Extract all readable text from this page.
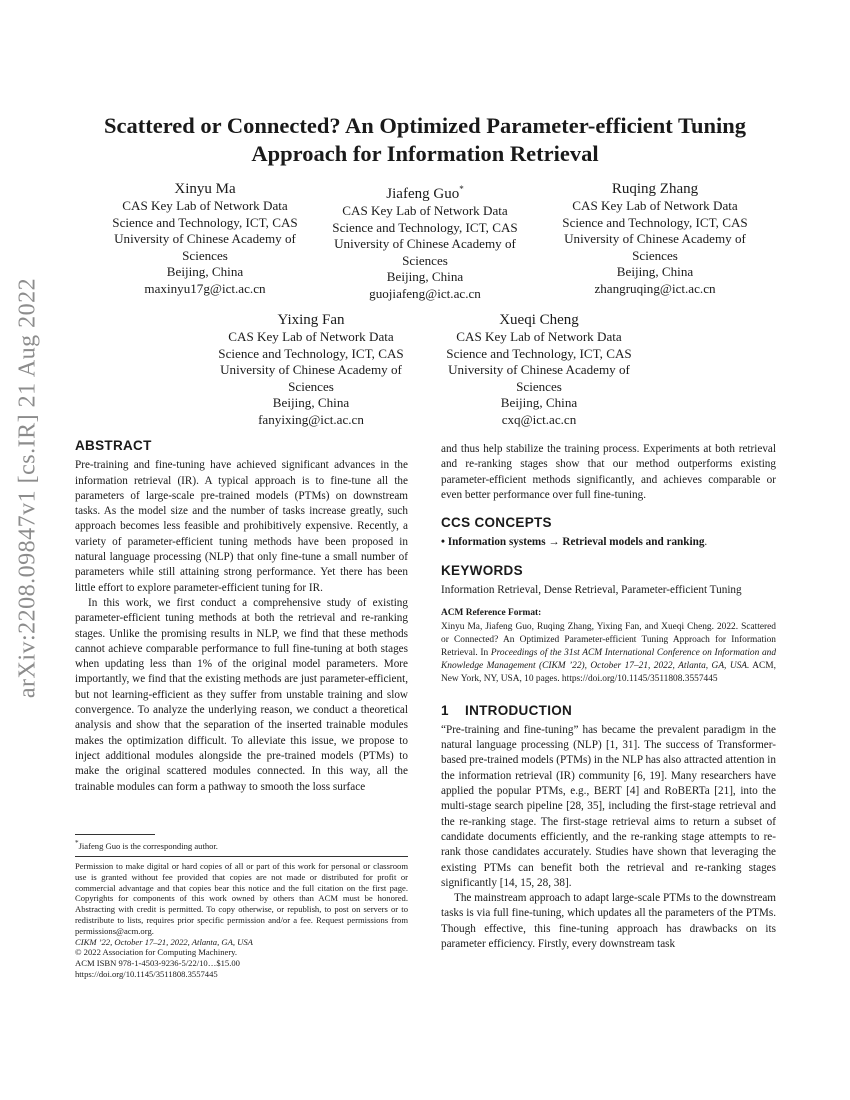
arXiv:2208.09847v1 [cs.IR] 21 Aug 2022
Scattered or Connected? An Optimized Parameter-efficient Tuning Approach for Information Retrieval
Xinyu Ma
CAS Key Lab of Network Data
Science and Technology, ICT, CAS
University of Chinese Academy of
Sciences
Beijing, China
maxinyu17g@ict.ac.cn
Jiafeng Guo*
CAS Key Lab of Network Data
Science and Technology, ICT, CAS
University of Chinese Academy of
Sciences
Beijing, China
guojiafeng@ict.ac.cn
Ruqing Zhang
CAS Key Lab of Network Data
Science and Technology, ICT, CAS
University of Chinese Academy of
Sciences
Beijing, China
zhangruqing@ict.ac.cn
Yixing Fan
CAS Key Lab of Network Data
Science and Technology, ICT, CAS
University of Chinese Academy of
Sciences
Beijing, China
fanyixing@ict.ac.cn
Xueqi Cheng
CAS Key Lab of Network Data
Science and Technology, ICT, CAS
University of Chinese Academy of
Sciences
Beijing, China
cxq@ict.ac.cn
ABSTRACT

Pre-training and fine-tuning have achieved significant advances in the information retrieval (IR). A typical approach is to fine-tune all the parameters of large-scale pre-trained models (PTMs) on downstream tasks. As the model size and the number of tasks increase greatly, such approach becomes less feasible and prohibitively expensive. Recently, a variety of parameter-efficient tuning methods have been proposed in natural language processing (NLP) that only fine-tune a small number of parameters while still attaining strong performance. Yet there has been little effort to explore parameter-efficient tuning for IR.

In this work, we first conduct a comprehensive study of existing parameter-efficient tuning methods at both the retrieval and re-ranking stages. Unlike the promising results in NLP, we find that these methods cannot achieve comparable performance to full fine-tuning at both stages when updating less than 1% of the original model parameters. More importantly, we find that the existing methods are just parameter-efficient, but not learning-efficient as they suffer from unstable training and slow convergence. To analyze the underlying reason, we conduct a theoretical analysis and show that the separation of the inserted trainable modules makes the optimization difficult. To alleviate this issue, we propose to inject additional modules alongside the pre-trained models (PTMs) to make the original scattered modules connected. In this way, all the trainable modules can form a pathway to smooth the loss surface

*Jiafeng Guo is the corresponding author.
Permission to make digital or hard copies of all or part of this work for personal or classroom use is granted without fee provided that copies are not made or distributed for profit or commercial advantage and that copies bear this notice and the full citation on the first page. Copyrights for components of this work owned by others than ACM must be honored. Abstracting with credit is permitted. To copy otherwise, or republish, to post on servers or to redistribute to lists, requires prior specific permission and/or a fee. Request permissions from permissions@acm.org.
CIKM ’22, October 17–21, 2022, Atlanta, GA, USA
© 2022 Association for Computing Machinery.
ACM ISBN 978-1-4503-9236-5/22/10…$15.00
https://doi.org/10.1145/3511808.3557445

and thus help stabilize the training process. Experiments at both retrieval and re-ranking stages show that our method outperforms existing parameter-efficient methods significantly, and achieves comparable or even better performance over full fine-tuning.

CCS CONCEPTS

• Information systems → Retrieval models and ranking.

KEYWORDS

Information Retrieval, Dense Retrieval, Parameter-efficient Tuning

ACM Reference Format:
Xinyu Ma, Jiafeng Guo, Ruqing Zhang, Yixing Fan, and Xueqi Cheng. 2022. Scattered or Connected? An Optimized Parameter-efficient Tuning Approach for Information Retrieval. In Proceedings of the 31st ACM International Conference on Information and Knowledge Management (CIKM ’22), October 17–21, 2022, Atlanta, GA, USA. ACM, New York, NY, USA, 10 pages. https://doi.org/10.1145/3511808.3557445
1 INTRODUCTION

“Pre-training and fine-tuning” has became the prevalent paradigm in the natural language processing (NLP) [1, 31]. The success of Transformer-based pre-trained models (PTMs) in the NLP has also attracted attention in the information retrieval (IR) community [6, 19]. Many researchers have applied the popular PTMs, e.g., BERT [4] and RoBERTa [21], into the multi-stage search pipeline [28, 35], including the first-stage retrieval and the re-ranking stage. The first-stage retrieval aims to return a subset of candidate documents efficiently, and the re-ranking stage attempts to re-rank those candidates accurately. Studies have shown that leveraging the existing PTMs can benefit both the retrieval and re-ranking stages significantly [14, 15, 28, 38].

The mainstream approach to adapt large-scale PTMs to the downstream tasks is via full fine-tuning, which updates all the parameters of the PTMs. Though effective, this fine-tuning approach has drawbacks on its parameter efficiency. Firstly, every downstream task
